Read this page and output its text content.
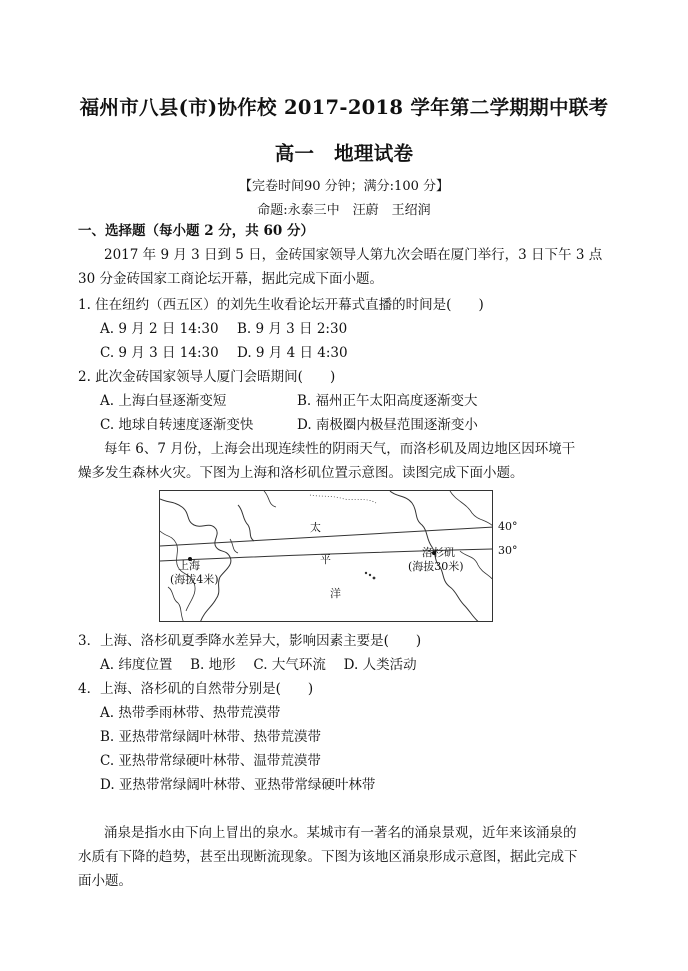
福州市八县(市)协作校 2017-2018 学年第二学期期中联考
高一　地理试卷
【完卷时间90 分钟；满分:100 分】
命题:永泰三中　汪蔚　王绍润
一、选择题（每小题 2 分，共 60 分）
2017 年 9 月 3 日到 5 日，金砖国家领导人第九次会晤在厦门举行，3 日下午 3 点
30 分金砖国家工商论坛开幕，据此完成下面小题。
1. 住在纽约（西五区）的刘先生收看论坛开幕式直播的时间是(　　)
A. 9 月 2 日 14:30 B. 9 月 3 日 2:30
C. 9 月 3 日 14:30 D. 9 月 4 日 4:30
2. 此次金砖国家领导人厦门会晤期间(　　)
A. 上海白昼逐渐变短	B. 福州正午太阳高度逐渐变大
C. 地球自转速度逐渐变快	D. 南极圈内极昼范围逐渐变小
每年 6、7 月份，上海会出现连续性的阴雨天气，而洛杉矶及周边地区因环境干
燥多发生森林火灾。下图为上海和洛杉矶位置示意图。读图完成下面小题。
太
平
洋
上海
(海拔4米)
洛杉矶
(海拔30米)
40°
30°
3．上海、洛杉矶夏季降水差异大，影响因素主要是(　　)
A. 纬度位置　 B. 地形　 C. 大气环流　 D. 人类活动
4．上海、洛杉矶的自然带分别是(　　)
A. 热带季雨林带、热带荒漠带
B. 亚热带常绿阔叶林带、热带荒漠带
C. 亚热带常绿硬叶林带、温带荒漠带
D. 亚热带常绿阔叶林带、亚热带常绿硬叶林带
涌泉是指水由下向上冒出的泉水。某城市有一著名的涌泉景观，近年来该涌泉的
水质有下降的趋势，甚至出现断流现象。下图为该地区涌泉形成示意图，据此完成下
面小题。
